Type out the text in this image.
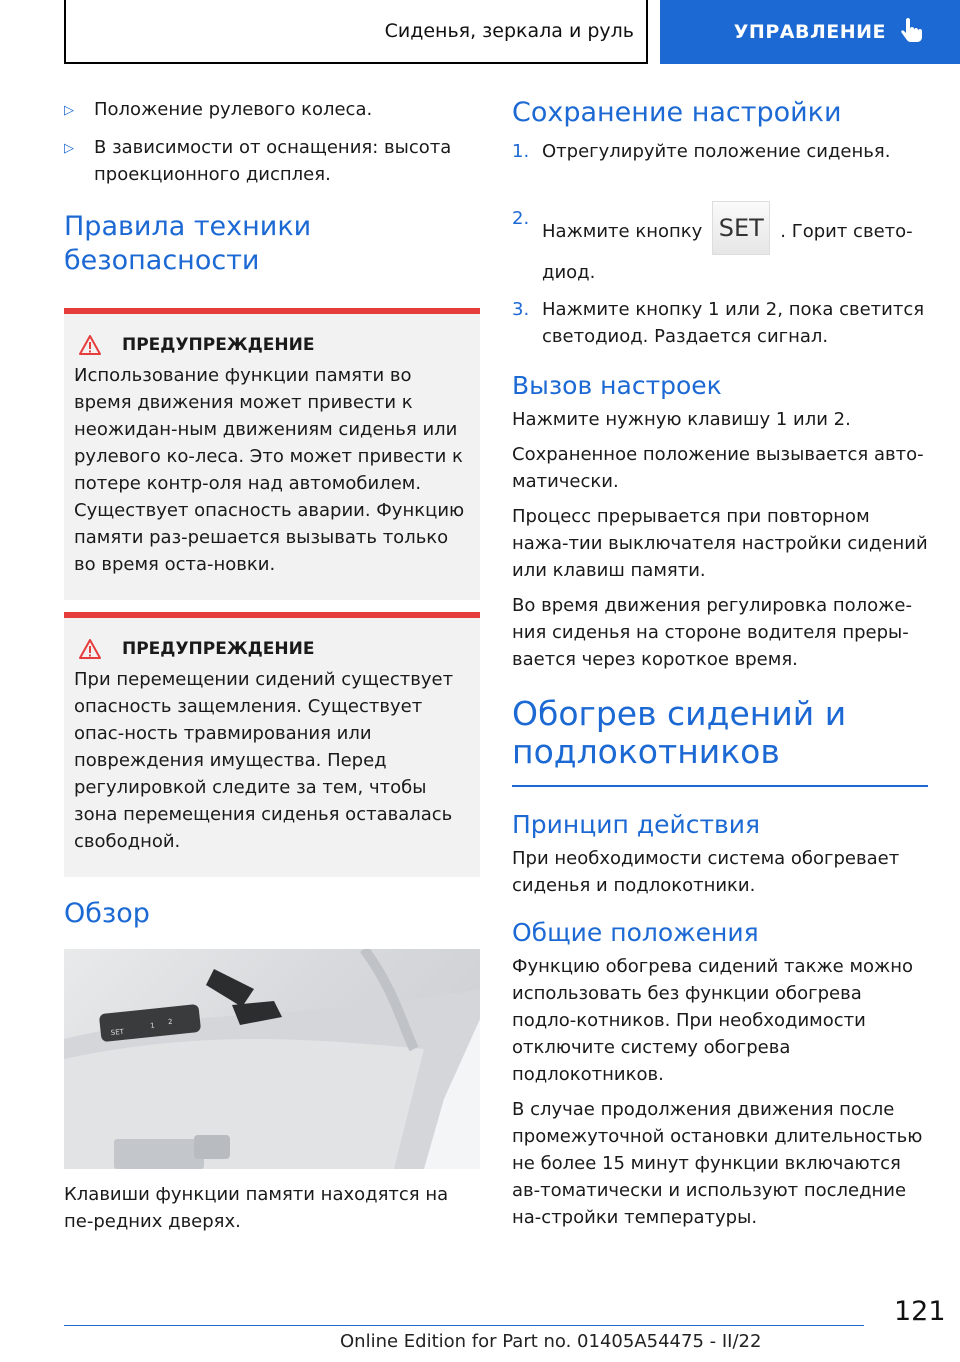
Сиденья, зеркала и руль	УПРАВЛЕНИЕ
▷	Положение рулевого колеса.
▷	В зависимости от оснащения: высота проекционного дисплея.
Правила техники безопасности
ПРЕДУПРЕЖДЕНИЕ

Использование функции памяти во время движения может привести к неожидан-ным движениям сиденья или рулевого ко-леса. Это может привести к потере контр-оля над автомобилем. Существует опасность аварии. Функцию памяти раз-решается вызывать только во время оста-новки.

ПРЕДУПРЕЖДЕНИЕ

При перемещении сидений существует опасность защемления. Существует опас-ность травмирования или повреждения имущества. Перед регулировкой следите за тем, чтобы зона перемещения сиденья оставалась свободной.

Обзор
SET
1 2

Клавиши функции памяти находятся на пе-редних дверях.

Сохранение настройки
1. Отрегулируйте положение сиденья.
2.
Нажмите кнопку SET . Горит свето-диод.
3. Нажмите кнопку 1 или 2, пока светится светодиод. Раздается сигнал.
Вызов настроек

Нажмите нужную клавишу 1 или 2.

Сохраненное положение вызывается авто-матически.

Процесс прерывается при повторном нажа-тии выключателя настройки сидений или клавиш памяти.

Во время движения регулировка положе-ния сиденья на стороне водителя преры-вается через короткое время.

Обогрев сидений и
подлокотников
Принцип действия

При необходимости система обогревает сиденья и подлокотники.

Общие положения

Функцию обогрева сидений также можно использовать без функции обогрева подло-котников. При необходимости отключите систему обогрева подлокотников.

В случае продолжения движения после промежуточной остановки длительностью не более 15 минут функции включаются ав-томатически и используют последние на-стройки температуры.

121
Online Edition for Part no. 01405A54475 - II/22
